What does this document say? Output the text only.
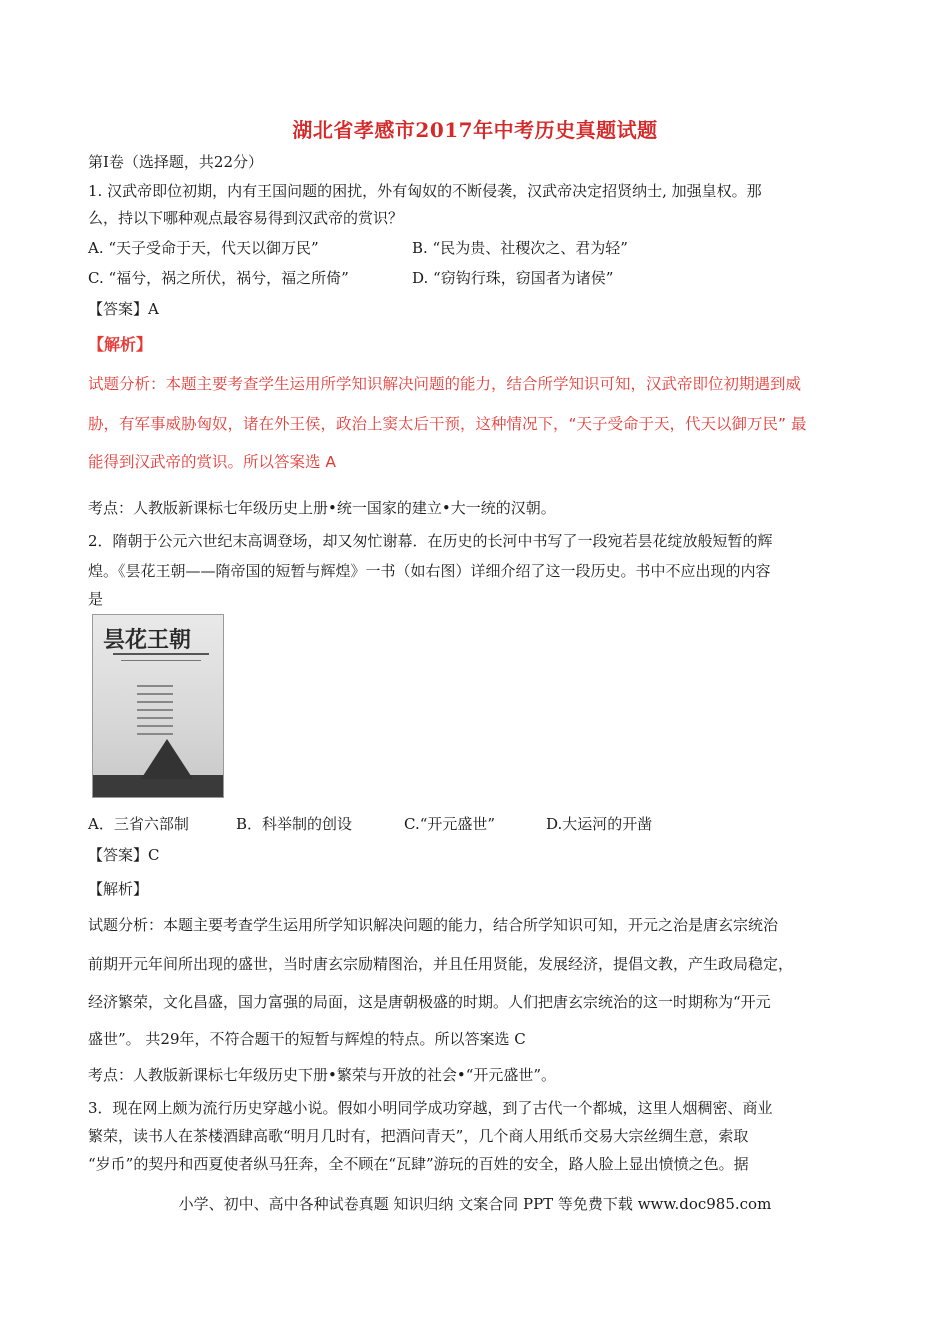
湖北省孝感市2017年中考历史真题试题
第Ⅰ卷（选择题，共22分）
1. 汉武帝即位初期，内有王国问题的困扰，外有匈奴的不断侵袭，汉武帝决定招贤纳士, 加强皇权。那
么，持以下哪种观点最容易得到汉武帝的赏识？
A. “天子受命于天，代天以御万民”	B. “民为贵、社稷次之、君为轻”
C. “福兮，祸之所伏，祸兮，福之所倚”	D. “窃钩行珠，窃国者为诸侯”
【答案】A
【解析】
试题分析：本题主要考查学生运用所学知识解决问题的能力，结合所学知识可知，汉武帝即位初期遇到威
胁，有军事威胁匈奴，诸在外王侯，政治上窦太后干预，这种情况下，“天子受命于天，代天以御万民” 最
能得到汉武帝的赏识。所以答案选 A
考点：人教版新课标七年级历史上册•统一国家的建立•大一统的汉朝。
2．隋朝于公元六世纪末高调登场，却又匆忙谢幕．在历史的长河中书写了一段宛若昙花绽放般短暂的辉
煌。《昙花王朝——隋帝国的短暂与辉煌》一书（如右图）详细介绍了这一段历史。书中不应出现的内容
是
昙花王朝
A．三省六部制	B．科举制的创设	C.“开元盛世”	D.大运河的开凿
【答案】C
【解析】
试题分析：本题主要考查学生运用所学知识解决问题的能力，结合所学知识可知，开元之治是唐玄宗统治
前期开元年间所出现的盛世，当时唐玄宗励精图治，并且任用贤能，发展经济，提倡文教，产生政局稳定，
经济繁荣，文化昌盛，国力富强的局面，这是唐朝极盛的时期。人们把唐玄宗统治的这一时期称为“开元
盛世”。 共29年，不符合题干的短暂与辉煌的特点。所以答案选 C
考点：人教版新课标七年级历史下册•繁荣与开放的社会•“开元盛世”。
3．现在网上颇为流行历史穿越小说。假如小明同学成功穿越，到了古代一个都城，这里人烟稠密、商业
繁荣，读书人在茶楼酒肆高歌“明月几时有，把酒问青天”，几个商人用纸币交易大宗丝绸生意，索取
“岁币”的契丹和西夏使者纵马狂奔，全不顾在“瓦肆”游玩的百姓的安全，路人脸上显出愤愤之色。据
小学、初中、高中各种试卷真题 知识归纳 文案合同 PPT 等免费下载 www.doc985.com
